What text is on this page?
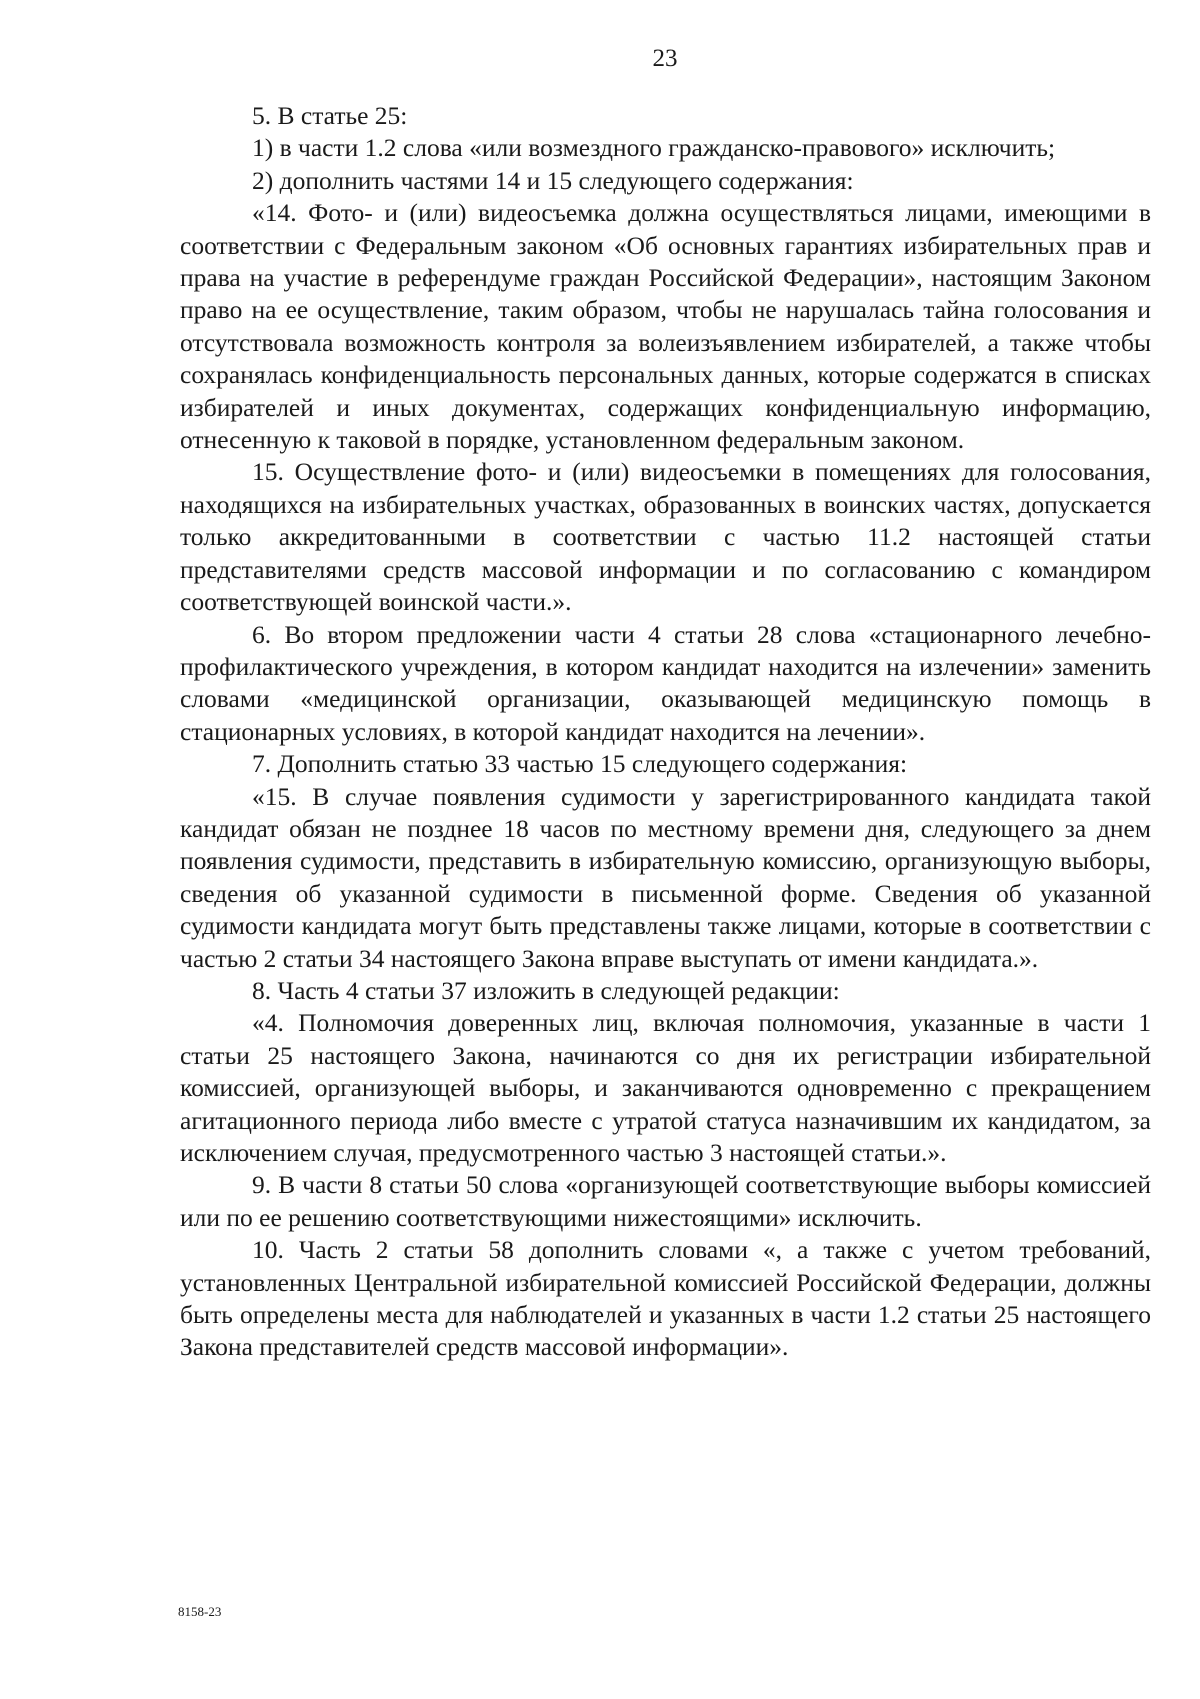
23

5. В статье 25:

1) в части 1.2 слова «или возмездного гражданско-правового» исключить;

2) дополнить частями 14 и 15 следующего содержания:

«14. Фото- и (или) видеосъемка должна осуществляться лицами, имеющими в соответствии с Федеральным законом «Об основных гарантиях избирательных прав и права на участие в референдуме граждан Российской Федерации», настоящим Законом право на ее осуществление, таким образом, чтобы не нарушалась тайна голосования и отсутствовала возможность контроля за волеизъявлением избирателей, а также чтобы сохранялась конфиденциальность персональных данных, которые содержатся в списках избирателей и иных документах, содержащих конфиденциальную информацию, отнесенную к таковой в порядке, установленном федеральным законом.

15. Осуществление фото- и (или) видеосъемки в помещениях для голосования, находящихся на избирательных участках, образованных в воинских частях, допускается только аккредитованными в соответствии с частью 11.2 настоящей статьи представителями средств массовой информации и по согласованию с командиром соответствующей воинской части.».

6. Во втором предложении части 4 статьи 28 слова «стационарного лечебно-профилактического учреждения, в котором кандидат находится на излечении» заменить словами «медицинской организации, оказывающей медицинскую помощь в стационарных условиях, в которой кандидат находится на лечении».

7. Дополнить статью 33 частью 15 следующего содержания:

«15. В случае появления судимости у зарегистрированного кандидата такой кандидат обязан не позднее 18 часов по местному времени дня, следующего за днем появления судимости, представить в избирательную комиссию, организующую выборы, сведения об указанной судимости в письменной форме. Сведения об указанной судимости кандидата могут быть представлены также лицами, которые в соответствии с частью 2 статьи 34 настоящего Закона вправе выступать от имени кандидата.».

8. Часть 4 статьи 37 изложить в следующей редакции:

«4. Полномочия доверенных лиц, включая полномочия, указанные в части 1 статьи 25 настоящего Закона, начинаются со дня их регистрации избирательной комиссией, организующей выборы, и заканчиваются одновременно с прекращением агитационного периода либо вместе с утратой статуса назначившим их кандидатом, за исключением случая, предусмотренного частью 3 настоящей статьи.».

9. В части 8 статьи 50 слова «организующей соответствующие выборы комиссией или по ее решению соответствующими нижестоящими» исключить.

10. Часть 2 статьи 58 дополнить словами «, а также с учетом требований, установленных Центральной избирательной комиссией Российской Федерации, должны быть определены места для наблюдателей и указанных в части 1.2 статьи 25 настоящего Закона представителей средств массовой информации».

8158-23
